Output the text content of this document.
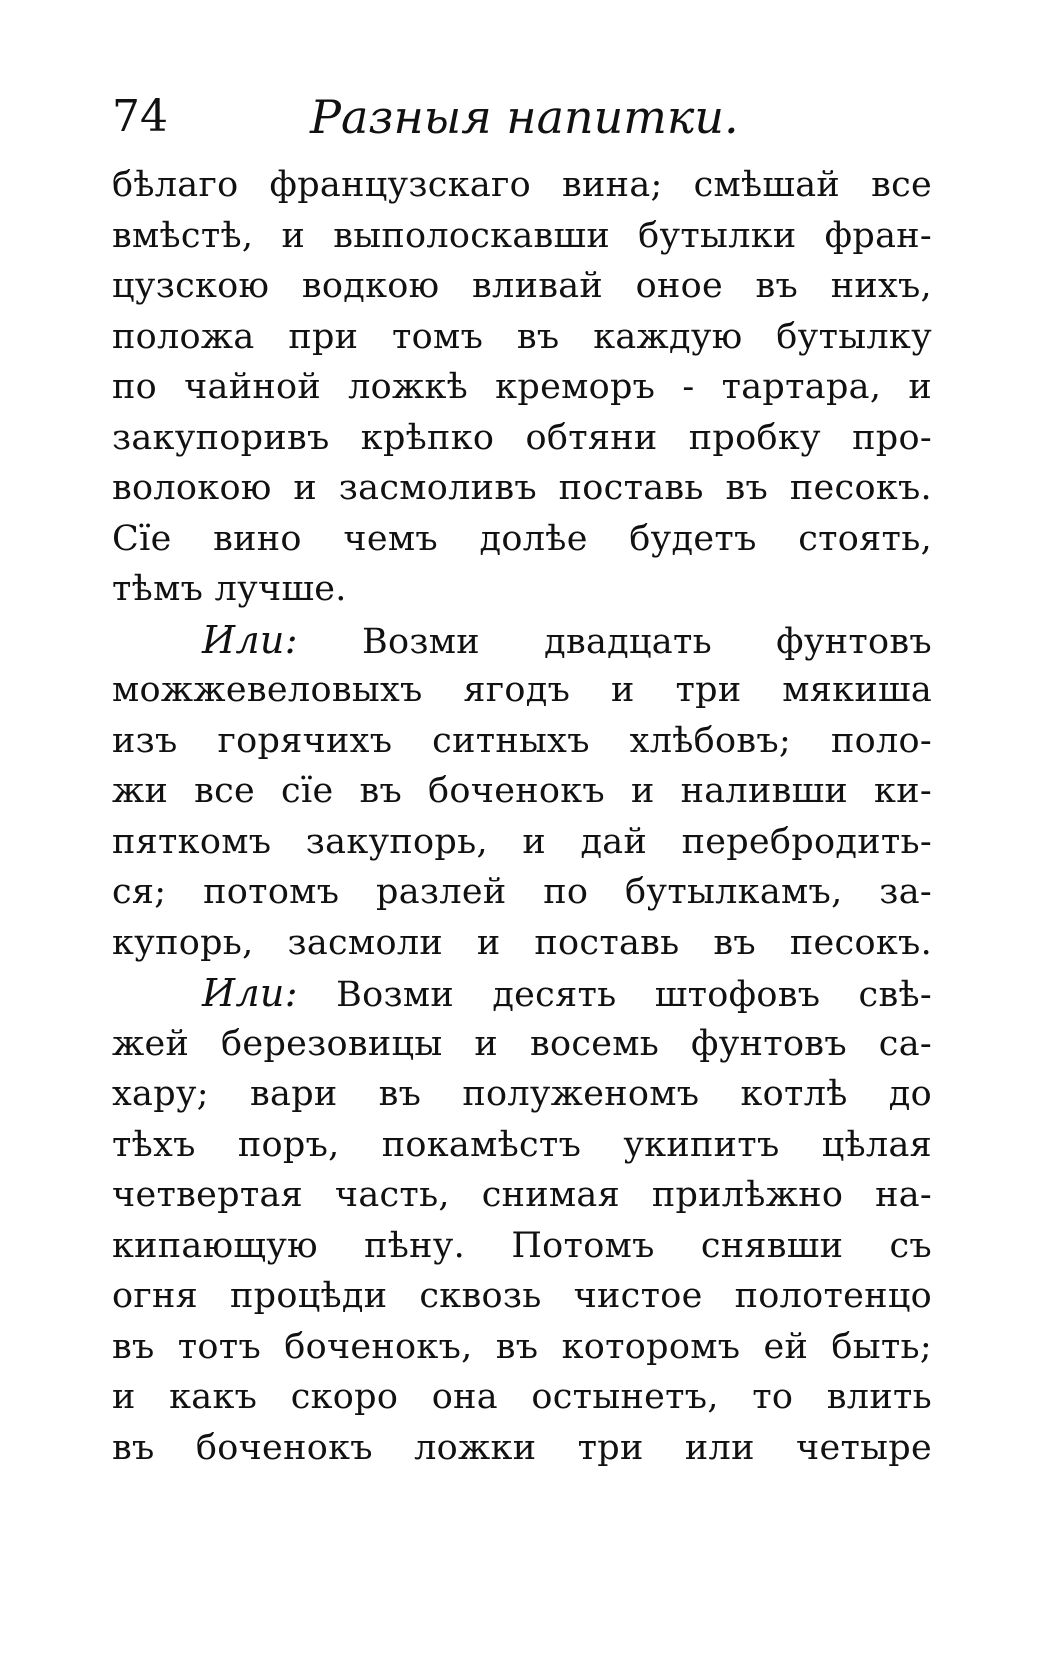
74	Разныя напитки.
бѣлаго французскаго вина; смѣшай все
вмѣстѣ, и выполоскавши бутылки фран-
цузскою водкою вливай оное въ нихъ,
положа при томъ въ каждую бутылку
по чайной ложкѣ креморъ - тартара, и
закупоривъ крѣпко обтяни пробку про-
волокою и засмоливъ поставь въ песокъ.
Сїе вино чемъ долѣе будетъ стоять,
тѣмъ лучше.
Или: Возми двадцать фунтовъ
можжевеловыхъ ягодъ и три мякиша
изъ горячихъ ситныхъ хлѣбовъ; поло-
жи все сїе въ боченокъ и наливши ки-
пяткомъ закупорь, и дай перебродить-
ся; потомъ разлей по бутылкамъ, за-
купорь, засмоли и поставь въ песокъ.
Или: Возми десять штофовъ свѣ-
жей березовицы и восемь фунтовъ са-
хару; вари въ полуженомъ котлѣ до
тѣхъ поръ, покамѣстъ укипитъ цѣлая
четвертая часть, снимая прилѣжно на-
кипающую пѣну. Потомъ снявши съ
огня процѣди сквозь чистое полотенцо
въ тотъ боченокъ, въ которомъ ей быть;
и какъ скоро она остынетъ, то влить
въ боченокъ ложки три или четыре
